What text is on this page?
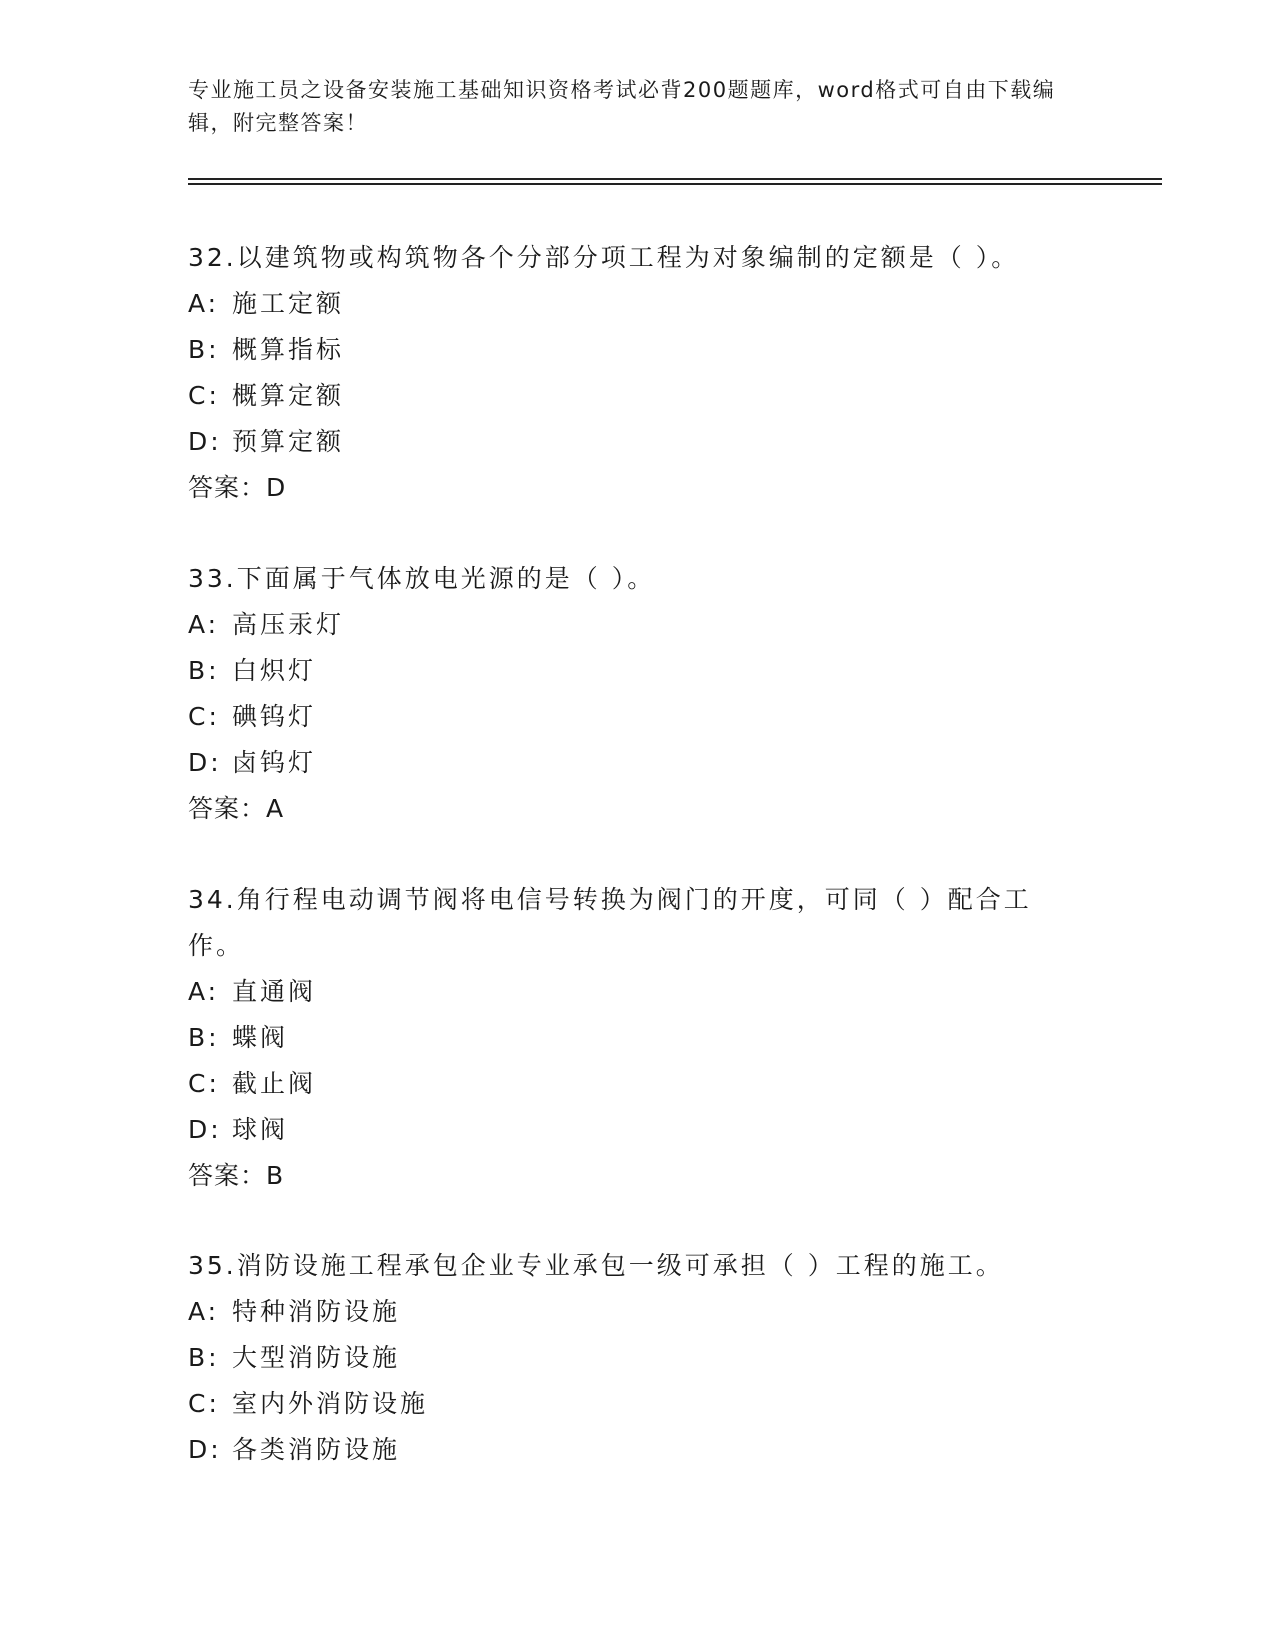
专业施工员之设备安装施工基础知识资格考试必背200题题库，word格式可自由下载编辑，附完整答案！

32.以建筑物或构筑物各个分部分项工程为对象编制的定额是（ ）。

A: 施工定额
B: 概算指标
C: 概算定额
D: 预算定额
答案：D

33.下面属于气体放电光源的是（ ）。

A: 高压汞灯
B: 白炽灯
C: 碘钨灯
D: 卤钨灯
答案：A

34.角行程电动调节阀将电信号转换为阀门的开度，可同（ ）配合工作。

A: 直通阀
B: 蝶阀
C: 截止阀
D: 球阀
答案：B

35.消防设施工程承包企业专业承包一级可承担（ ）工程的施工。

A: 特种消防设施
B: 大型消防设施
C: 室内外消防设施
D: 各类消防设施
